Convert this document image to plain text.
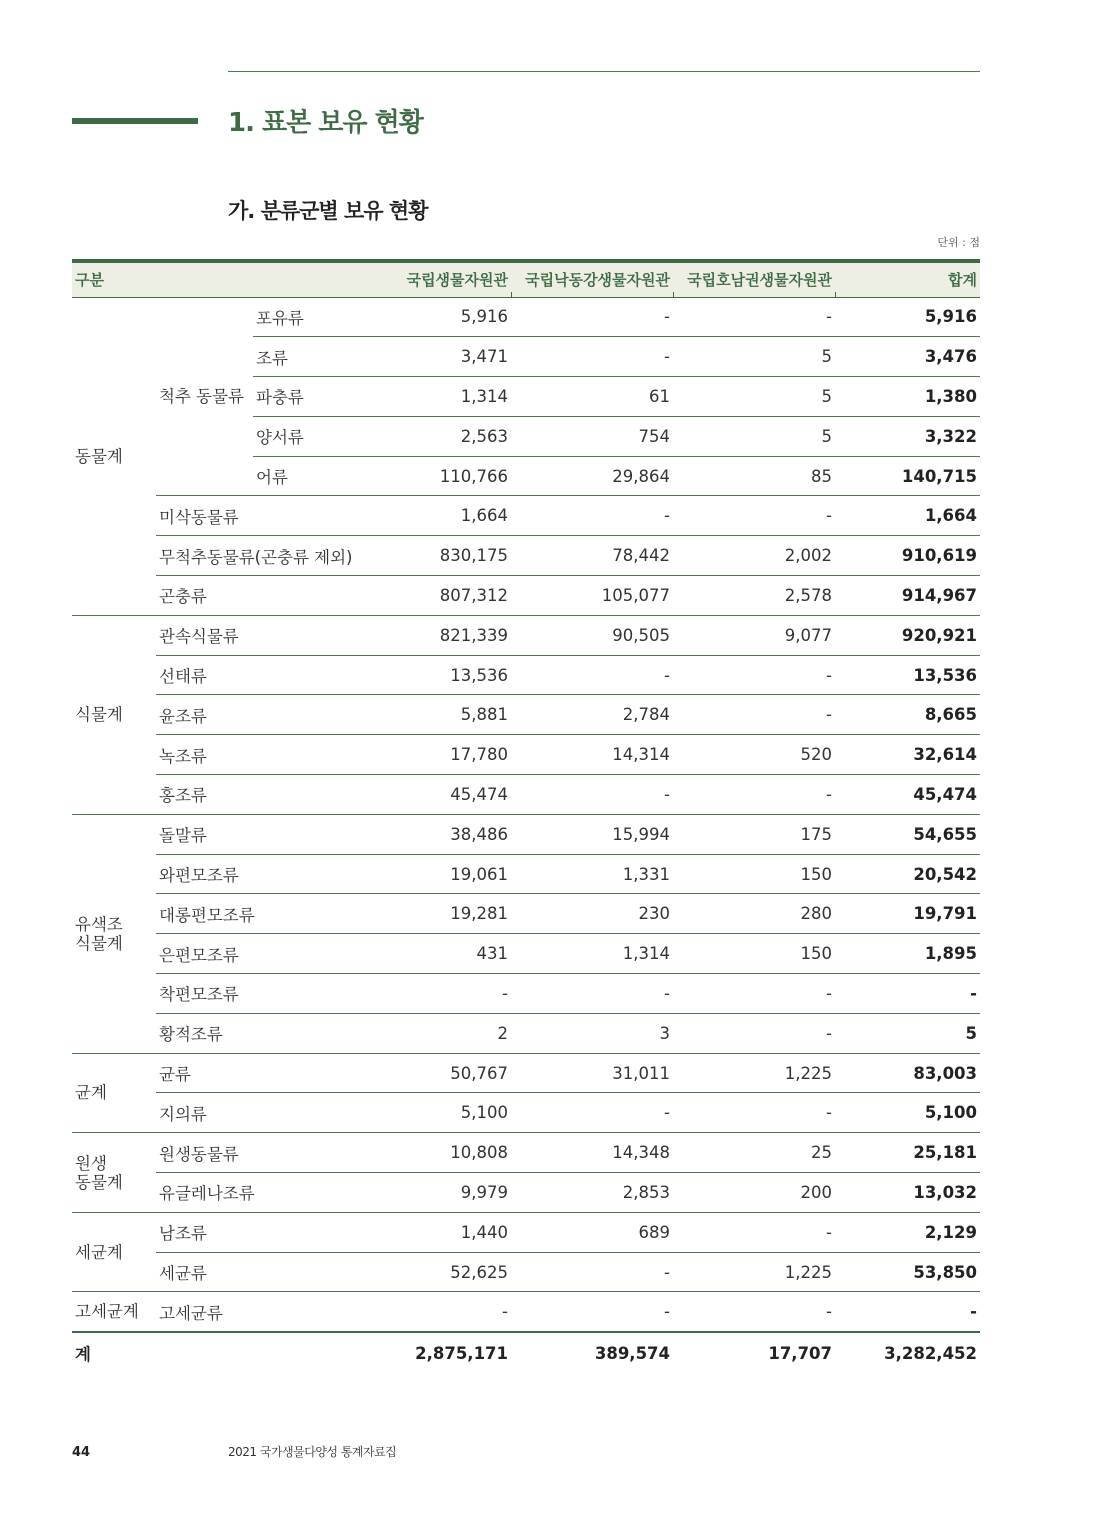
1. 표본 보유 현황
가. 분류군별 보유 현황
단위 : 점
구분			국립생물자원관	국립낙동강생물자원관	국립호남권생물자원관	합계
동물계	척추 동물류	포유류	5,916	-	-	5,916
		조류	3,471	-	5	3,476
		파충류	1,314	61	5	1,380
		양서류	2,563	754	5	3,322
		어류	110,766	29,864	85	140,715
	미삭동물류		1,664	-	-	1,664
	무척추동물류(곤충류 제외)		830,175	78,442	2,002	910,619
	곤충류		807,312	105,077	2,578	914,967
식물계	관속식물류		821,339	90,505	9,077	920,921
	선태류		13,536	-	-	13,536
	윤조류		5,881	2,784	-	8,665
	녹조류		17,780	14,314	520	32,614
	홍조류		45,474	-	-	45,474
유색조 식물계	돌말류		38,486	15,994	175	54,655
	와편모조류		19,061	1,331	150	20,542
	대롱편모조류		19,281	230	280	19,791
	은편모조류		431	1,314	150	1,895
	착편모조류		-	-	-	-
	황적조류		2	3	-	5
균계	균류		50,767	31,011	1,225	83,003
	지의류		5,100	-	-	5,100
원생 동물계	원생동물류		10,808	14,348	25	25,181
	유글레나조류		9,979	2,853	200	13,032
세균계	남조류		1,440	689	-	2,129
	세균류		52,625	-	1,225	53,850
고세균계	고세균류		-	-	-	-
계			2,875,171	389,574	17,707	3,282,452
44	2021 국가생물다양성 통계자료집
